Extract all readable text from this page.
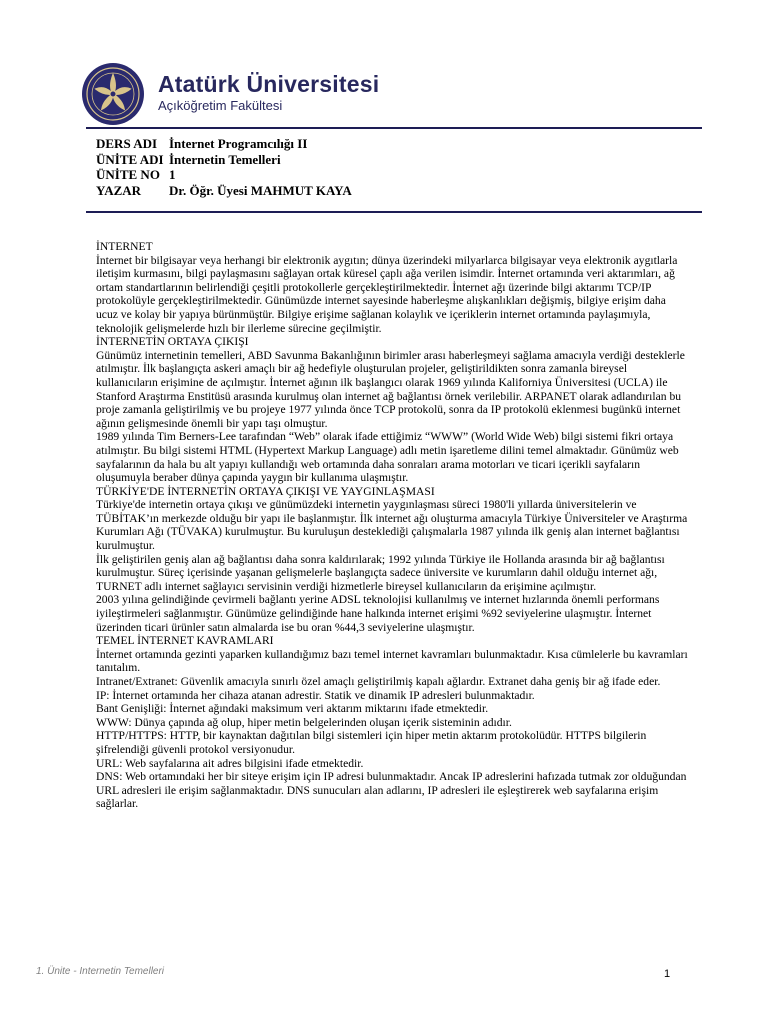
Atatürk Üniversitesi
Açıköğretim Fakültesi
DERS ADI İnternet Programcılığı II
ÜNİTE ADI İnternetin Temelleri
ÜNİTE NO 1
YAZAR	Dr. Öğr. Üyesi MAHMUT KAYA

İNTERNET

İnternet bir bilgisayar veya herhangi bir elektronik aygıtın; dünya üzerindeki milyarlarca bilgisayar veya elektronik aygıtlarla iletişim kurmasını, bilgi paylaşmasını sağlayan ortak küresel çaplı ağa verilen isimdir. İnternet ortamında veri aktarımları, ağ ortam standartlarının belirlendiği çeşitli protokollerle gerçekleştirilmektedir. İnternet ağı üzerinde bilgi aktarımı TCP/IP protokolüyle gerçekleştirilmektedir. Günümüzde internet sayesinde haberleşme alışkanlıkları değişmiş, bilgiye erişim daha ucuz ve kolay bir yapıya bürünmüştür. Bilgiye erişime sağlanan kolaylık ve içeriklerin internet ortamında paylaşımıyla, teknolojik gelişmelerde hızlı bir ilerleme sürecine geçilmiştir.

İNTERNETİN ORTAYA ÇIKIŞI

Günümüz internetinin temelleri, ABD Savunma Bakanlığının birimler arası haberleşmeyi sağlama amacıyla verdiği desteklerle atılmıştır. İlk başlangıçta askeri amaçlı bir ağ hedefiyle oluşturulan projeler, geliştirildikten sonra zamanla bireysel kullanıcıların erişimine de açılmıştır. İnternet ağının ilk başlangıcı olarak 1969 yılında Kaliforniya Üniversitesi (UCLA) ile Stanford Araştırma Enstitüsü arasında kurulmuş olan internet ağ bağlantısı örnek verilebilir. ARPANET olarak adlandırılan bu proje zamanla geliştirilmiş ve bu projeye 1977 yılında önce TCP protokolü, sonra da IP protokolü eklenmesi bugünkü internet ağının gelişmesinde önemli bir yapı taşı olmuştur.

1989 yılında Tim Berners-Lee tarafından “Web” olarak ifade ettiğimiz “WWW” (World Wide Web) bilgi sistemi fikri ortaya atılmıştır. Bu bilgi sistemi HTML (Hypertext Markup Language) adlı metin işaretleme dilini temel almaktadır. Günümüz web sayfalarının da hala bu alt yapıyı kullandığı web ortamında daha sonraları arama motorları ve ticari içerikli sayfaların oluşumuyla beraber dünya çapında yaygın bir kullanıma ulaşmıştır.

TÜRKİYE'DE İNTERNETİN ORTAYA ÇIKIŞI VE YAYGINLAŞMASI

Türkiye'de internetin ortaya çıkışı ve günümüzdeki internetin yaygınlaşması süreci 1980'li yıllarda üniversitelerin ve TÜBİTAK’ın merkezde olduğu bir yapı ile başlanmıştır. İlk internet ağı oluşturma amacıyla Türkiye Üniversiteler ve Araştırma Kurumları Ağı (TÜVAKA) kurulmuştur. Bu kuruluşun desteklediği çalışmalarla 1987 yılında ilk geniş alan internet bağlantısı kurulmuştur.

İlk geliştirilen geniş alan ağ bağlantısı daha sonra kaldırılarak; 1992 yılında Türkiye ile Hollanda arasında bir ağ bağlantısı kurulmuştur. Süreç içerisinde yaşanan gelişmelerle başlangıçta sadece üniversite ve kurumların dahil olduğu internet ağı, TURNET adlı internet sağlayıcı servisinin verdiği hizmetlerle bireysel kullanıcıların da erişimine açılmıştır.

2003 yılına gelindiğinde çevirmeli bağlantı yerine ADSL teknolojisi kullanılmış ve internet hızlarında önemli performans iyileştirmeleri sağlanmıştır. Günümüze gelindiğinde hane halkında internet erişimi %92 seviyelerine ulaşmıştır. İnternet üzerinden ticari ürünler satın almalarda ise bu oran %44,3 seviyelerine ulaşmıştır.

TEMEL İNTERNET KAVRAMLARI

İnternet ortamında gezinti yaparken kullandığımız bazı temel internet kavramları bulunmaktadır. Kısa cümlelerle bu kavramları tanıtalım.

Intranet/Extranet: Güvenlik amacıyla sınırlı özel amaçlı geliştirilmiş kapalı ağlardır. Extranet daha geniş bir ağ ifade eder.

IP: İnternet ortamında her cihaza atanan adrestir. Statik ve dinamik IP adresleri bulunmaktadır.

Bant Genişliği: İnternet ağındaki maksimum veri aktarım miktarını ifade etmektedir.

WWW: Dünya çapında ağ olup, hiper metin belgelerinden oluşan içerik sisteminin adıdır.

HTTP/HTTPS: HTTP, bir kaynaktan dağıtılan bilgi sistemleri için hiper metin aktarım protokolüdür. HTTPS bilgilerin şifrelendiği güvenli protokol versiyonudur.

URL: Web sayfalarına ait adres bilgisini ifade etmektedir.

DNS: Web ortamındaki her bir siteye erişim için IP adresi bulunmaktadır. Ancak IP adreslerini hafızada tutmak zor olduğundan URL adresleri ile erişim sağlanmaktadır. DNS sunucuları alan adlarını, IP adresleri ile eşleştirerek web sayfalarına erişim sağlarlar.

1. Ünite - Internetin Temelleri	1
